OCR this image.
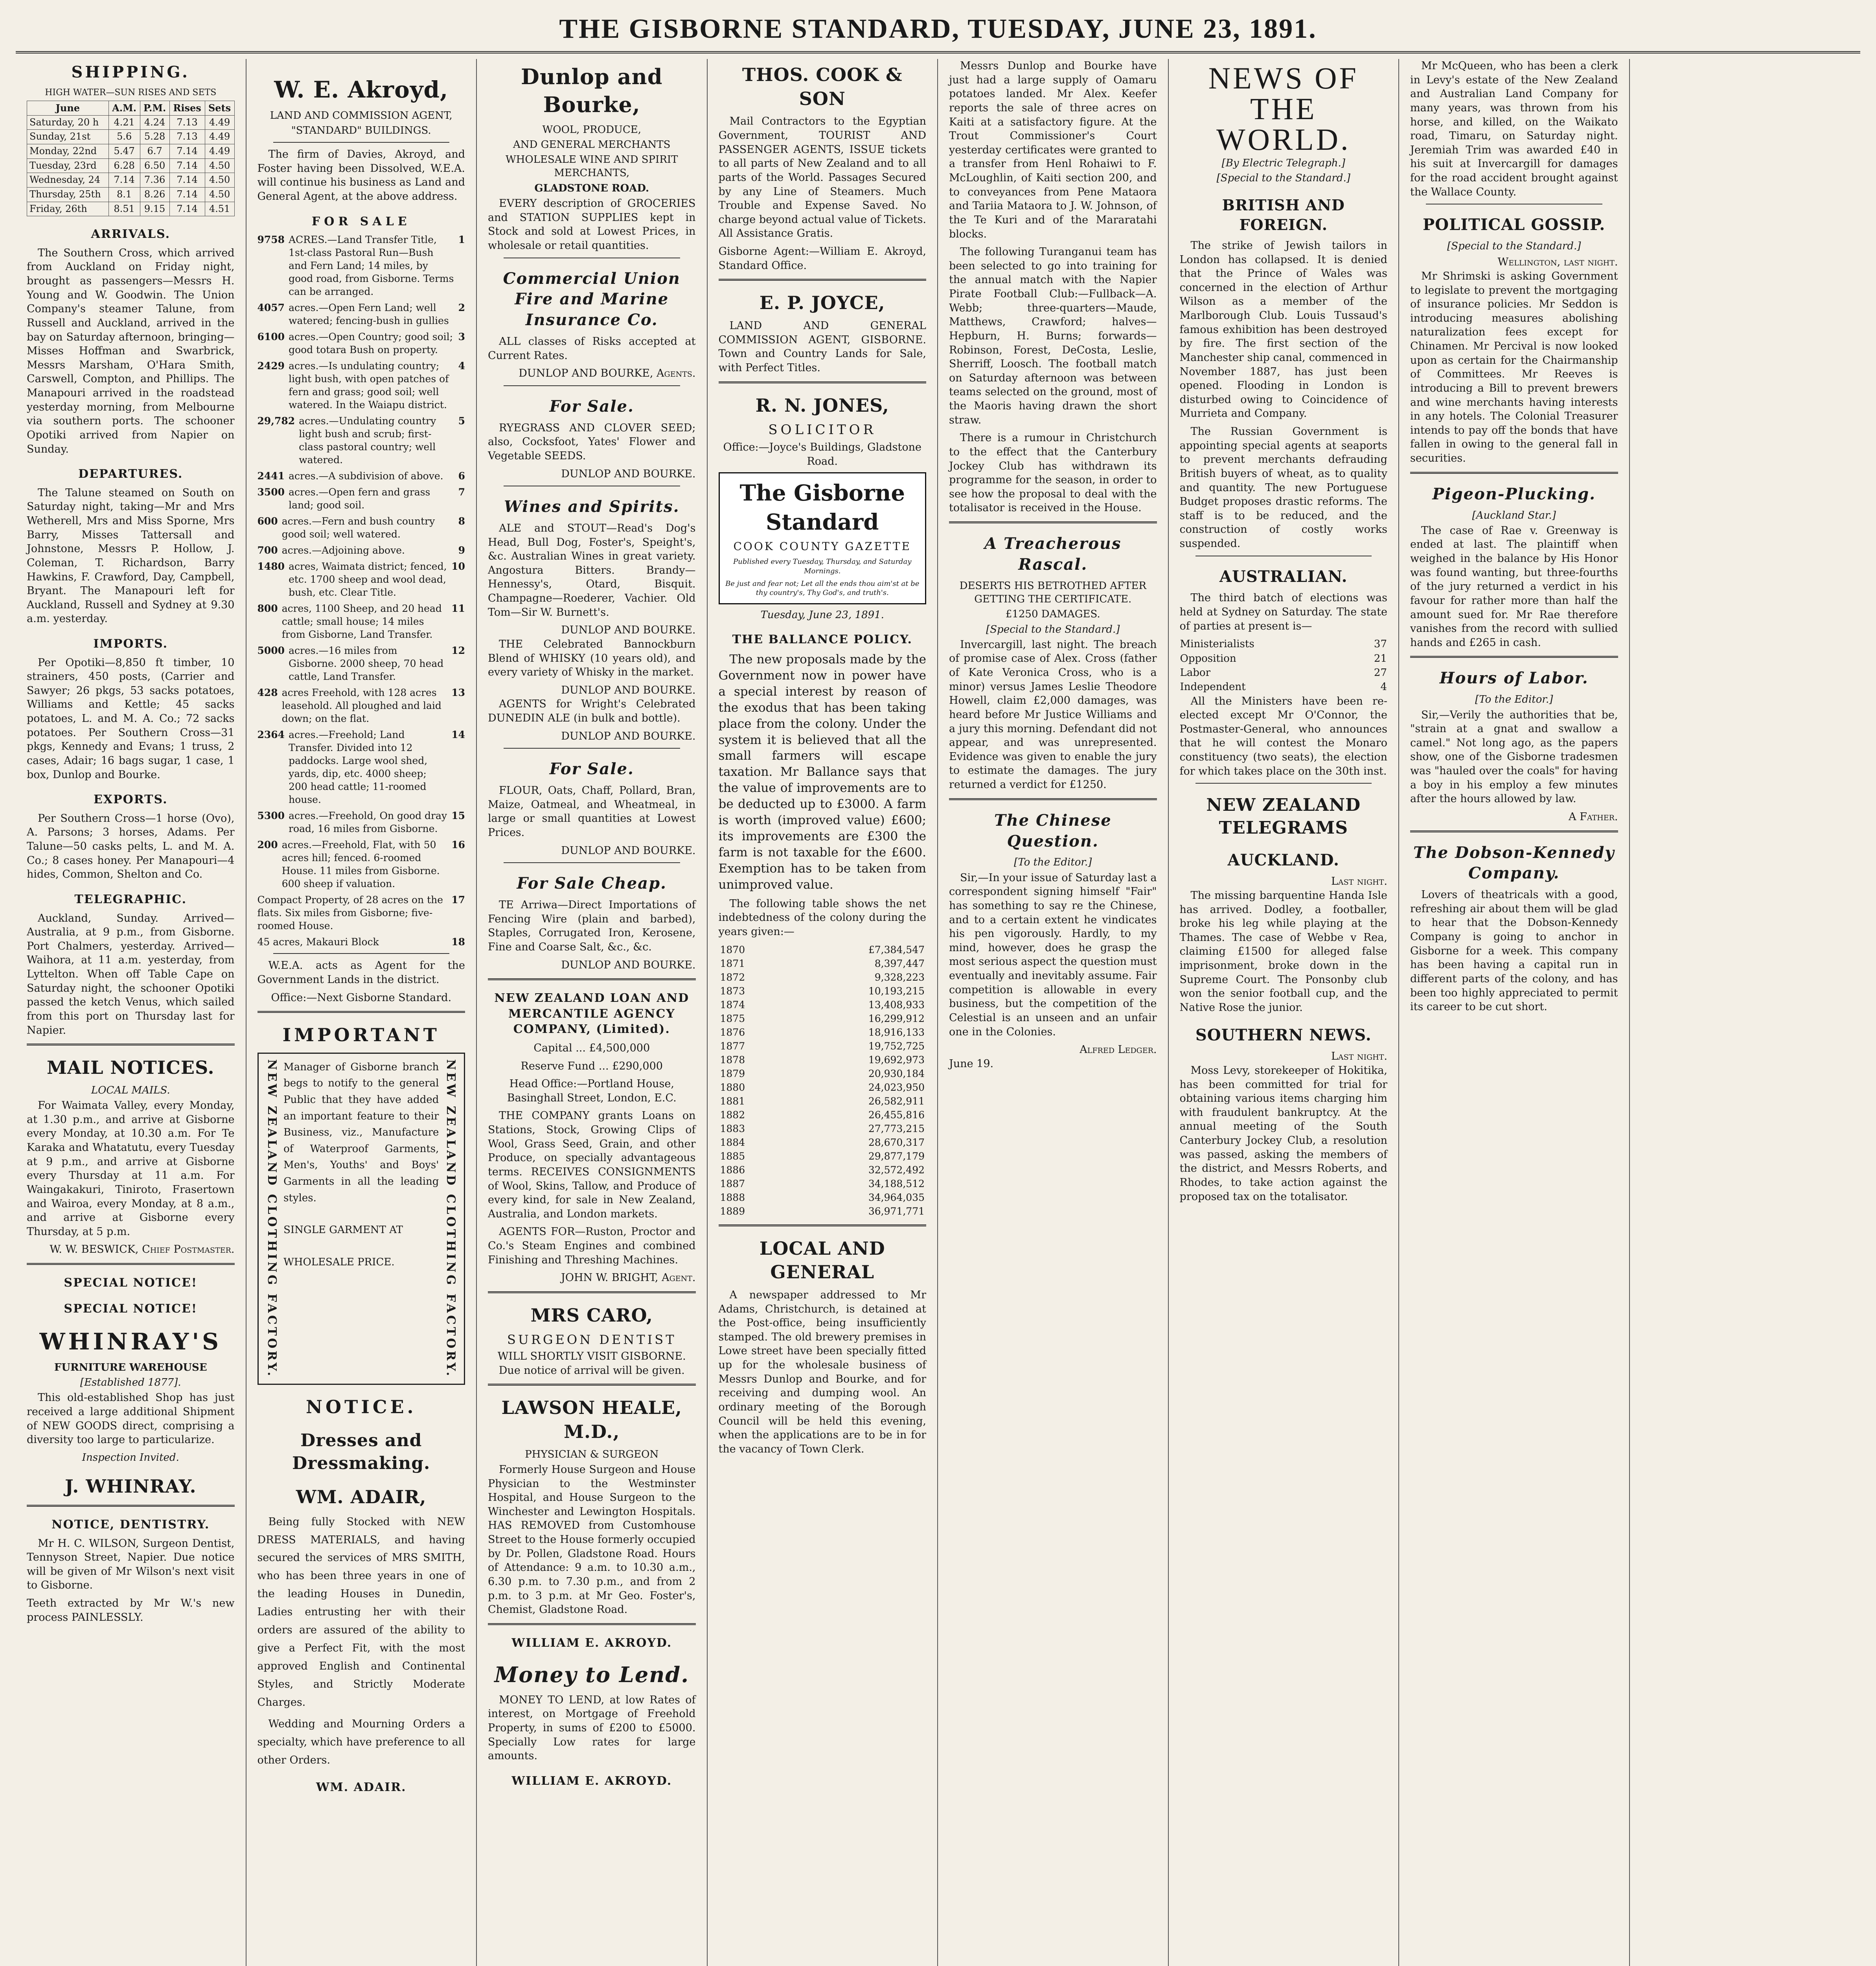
THE GISBORNE STANDARD, TUESDAY, JUNE 23, 1891.
SHIPPING.
HIGH WATER—SUN RISES AND SETS
June	A.M.	P.M.	Rises	Sets
Saturday, 20 h	4.21	4.24	7.13	4.49
Sunday, 21st	5.6	5.28	7.13	4.49
Monday, 22nd	5.47	6.7	7.14	4.49
Tuesday, 23rd	6.28	6.50	7.14	4.50
Wednesday, 24	7.14	7.36	7.14	4.50
Thursday, 25th	8.1	8.26	7.14	4.50
Friday, 26th	8.51	9.15	7.14	4.51
ARRIVALS.

The Southern Cross, which arrived from Auckland on Friday night, brought as passengers—Messrs H. Young and W. Goodwin. The Union Company's steamer Talune, from Russell and Auckland, arrived in the bay on Saturday afternoon, bringing—Misses Hoffman and Swarbrick, Messrs Marsham, O'Hara Smith, Carswell, Compton, and Phillips. The Manapouri arrived in the roadstead yesterday morning, from Melbourne via southern ports. The schooner Opotiki arrived from Napier on Sunday.

DEPARTURES.

The Talune steamed on South on Saturday night, taking—Mr and Mrs Wetherell, Mrs and Miss Sporne, Mrs Barry, Misses Tattersall and Johnstone, Messrs P. Hollow, J. Coleman, T. Richardson, Barry Hawkins, F. Crawford, Day, Campbell, Bryant. The Manapouri left for Auckland, Russell and Sydney at 9.30 a.m. yesterday.

IMPORTS.

Per Opotiki—8,850 ft timber, 10 strainers, 450 posts, (Carrier and Sawyer; 26 pkgs, 53 sacks potatoes, Williams and Kettle; 45 sacks potatoes, L. and M. A. Co.; 72 sacks potatoes. Per Southern Cross—31 pkgs, Kennedy and Evans; 1 truss, 2 cases, Adair; 16 bags sugar, 1 case, 1 box, Dunlop and Bourke.

EXPORTS.

Per Southern Cross—1 horse (Ovo), A. Parsons; 3 horses, Adams. Per Talune—50 casks pelts, L. and M. A. Co.; 8 cases honey. Per Manapouri—4 hides, Common, Shelton and Co.

TELEGRAPHIC.

Auckland, Sunday. Arrived—Australia, at 9 p.m., from Gisborne. Port Chalmers, yesterday. Arrived—Waihora, at 11 a.m. yesterday, from Lyttelton. When off Table Cape on Saturday night, the schooner Opotiki passed the ketch Venus, which sailed from this port on Thursday last for Napier.

MAIL NOTICES.
LOCAL MAILS.

For Waimata Valley, every Monday, at 1.30 p.m., and arrive at Gisborne every Monday, at 10.30 a.m. For Te Karaka and Whatatutu, every Tuesday at 9 p.m., and arrive at Gisborne every Thursday at 11 a.m. For Waingakakuri, Tiniroto, Frasertown and Wairoa, every Monday, at 8 a.m., and arrive at Gisborne every Thursday, at 5 p.m.

W. W. BESWICK, Chief Postmaster.
SPECIAL NOTICE!
SPECIAL NOTICE!
WHINRAY'S
FURNITURE WAREHOUSE
[Established 1877].

This old-established Shop has just received a large additional Shipment of NEW GOODS direct, comprising a diversity too large to particularize.

Inspection Invited.
J. WHINRAY.
NOTICE, DENTISTRY.

Mr H. C. WILSON, Surgeon Dentist, Tennyson Street, Napier. Due notice will be given of Mr Wilson's next visit to Gisborne.

Teeth extracted by Mr W.'s new process PAINLESSLY.

W. E. Akroyd,
LAND AND COMMISSION AGENT,
"STANDARD" BUILDINGS.

The firm of Davies, Akroyd, and Foster having been Dissolved, W.E.A. will continue his business as Land and General Agent, at the above address.

FOR SALE
9758 ACRES.—Land Transfer Title, 1st-class Pastoral Run—Bush and Fern Land; 14 miles, by good road, from Gisborne. Terms can be arranged.
1
4057 acres.—Open Fern Land; well watered; fencing-bush in gullies
2
6100 acres.—Open Country; good soil; good totara Bush on property.
3
2429 acres.—Is undulating country; light bush, with open patches of fern and grass; good soil; well watered. In the Waiapu district.
4
29,782 acres.—Undulating country light bush and scrub; first-class pastoral country; well watered.
5
2441 acres.—A subdivision of above. 6
3500 acres.—Open fern and grass land; good soil.
7
600 acres.—Fern and bush country good soil; well watered.
8
700 acres.—Adjoining above.	9
1480 acres, Waimata district; fenced, etc. 1700 sheep and wool dead, bush, etc. Clear Title.
10
800 acres, 1100 Sheep, and 20 head cattle; small house; 14 miles from Gisborne, Land Transfer.
11
5000 acres.—16 miles from Gisborne. 2000 sheep, 70 head cattle, Land Transfer.
12
428 acres Freehold, with 128 acres leasehold. All ploughed and laid down; on the flat.
13
2364 acres.—Freehold; Land Transfer. Divided into 12 paddocks. Large wool shed, yards, dip, etc. 4000 sheep; 200 head cattle; 11-roomed house.
14
5300 acres.—Freehold, On good dray road, 16 miles from Gisborne.
15
200 acres.—Freehold, Flat, with 50 acres hill; fenced. 6-roomed House. 11 miles from Gisborne. 600 sheep if valuation.
16
Compact Property, of 28 acres on the flats. Six miles from Gisborne; five-roomed House.
17
45 acres, Makauri Block	18

W.E.A. acts as Agent for the Government Lands in the district.

Office:—Next Gisborne Standard.

IMPORTANT
NEW ZEALAND CLOTHING FACTORY. Manager of Gisborne branch begs to notify to the general Public that they have added an important feature to their Business, viz., Manufacture of Waterproof Garments, Men's, Youths' and Boys' Garments in all the leading styles.

SINGLE GARMENT AT

WHOLESALE PRICE.	NEW ZEALAND CLOTHING FACTORY.
NOTICE.
Dresses and Dressmaking.
WM. ADAIR,

Being fully Stocked with NEW DRESS MATERIALS, and having secured the services of MRS SMITH, who has been three years in one of the leading Houses in Dunedin, Ladies entrusting her with their orders are assured of the ability to give a Perfect Fit, with the most approved English and Continental Styles, and Strictly Moderate Charges.

Wedding and Mourning Orders a specialty, which have preference to all other Orders.

WM. ADAIR.
Dunlop and Bourke,
WOOL, PRODUCE,
AND GENERAL MERCHANTS
WHOLESALE WINE AND SPIRIT MERCHANTS,
GLADSTONE ROAD.

EVERY description of GROCERIES and STATION SUPPLIES kept in Stock and sold at Lowest Prices, in wholesale or retail quantities.

Commercial Union Fire and Marine Insurance Co.

ALL classes of Risks accepted at Current Rates.

DUNLOP AND BOURKE, Agents.
For Sale.

RYEGRASS AND CLOVER SEED; also, Cocksfoot, Yates' Flower and Vegetable SEEDS.

DUNLOP AND BOURKE.
Wines and Spirits.

ALE and STOUT—Read's Dog's Head, Bull Dog, Foster's, Speight's, &c. Australian Wines in great variety. Angostura Bitters. Brandy—Hennessy's, Otard, Bisquit. Champagne—Roederer, Vachier. Old Tom—Sir W. Burnett's.

DUNLOP AND BOURKE.

THE Celebrated Bannockburn Blend of WHISKY (10 years old), and every variety of Whisky in the market.

DUNLOP AND BOURKE.

AGENTS for Wright's Celebrated DUNEDIN ALE (in bulk and bottle).

DUNLOP AND BOURKE.
For Sale.

FLOUR, Oats, Chaff, Pollard, Bran, Maize, Oatmeal, and Wheatmeal, in large or small quantities at Lowest Prices.

DUNLOP AND BOURKE.
For Sale Cheap.

TE Arriwa—Direct Importations of Fencing Wire (plain and barbed), Staples, Corrugated Iron, Kerosene, Fine and Coarse Salt, &c., &c.

DUNLOP AND BOURKE.
NEW ZEALAND LOAN AND MERCANTILE AGENCY COMPANY, (Limited).

Capital ... £4,500,000

Reserve Fund ... £290,000

Head Office:—Portland House, Basinghall Street, London, E.C.

THE COMPANY grants Loans on Stations, Stock, Growing Clips of Wool, Grass Seed, Grain, and other Produce, on specially advantageous terms. RECEIVES CONSIGNMENTS of Wool, Skins, Tallow, and Produce of every kind, for sale in New Zealand, Australia, and London markets.

AGENTS FOR—Ruston, Proctor and Co.'s Steam Engines and combined Finishing and Threshing Machines.

JOHN W. BRIGHT, Agent.
MRS CARO,
SURGEON DENTIST

WILL SHORTLY VISIT GISBORNE. Due notice of arrival will be given.

LAWSON HEALE, M.D.,
PHYSICIAN & SURGEON

Formerly House Surgeon and House Physician to the Westminster Hospital, and House Surgeon to the Winchester and Lewington Hospitals. HAS REMOVED from Customhouse Street to the House formerly occupied by Dr. Pollen, Gladstone Road. Hours of Attendance: 9 a.m. to 10.30 a.m., 6.30 p.m. to 7.30 p.m., and from 2 p.m. to 3 p.m. at Mr Geo. Foster's, Chemist, Gladstone Road.

WILLIAM E. AKROYD.
Money to Lend.

MONEY TO LEND, at low Rates of interest, on Mortgage of Freehold Property, in sums of £200 to £5000. Specially Low rates for large amounts.

WILLIAM E. AKROYD.
THOS. COOK & SON

Mail Contractors to the Egyptian Government, TOURIST AND PASSENGER AGENTS, ISSUE tickets to all parts of New Zealand and to all parts of the World. Passages Secured by any Line of Steamers. Much Trouble and Expense Saved. No charge beyond actual value of Tickets. All Assistance Gratis.

Gisborne Agent:—William E. Akroyd, Standard Office.

E. P. JOYCE,

LAND AND GENERAL COMMISSION AGENT, GISBORNE. Town and Country Lands for Sale, with Perfect Titles.

R. N. JONES,
SOLICITOR

Office:—Joyce's Buildings, Gladstone Road.

The Gisborne Standard
COOK COUNTY GAZETTE
Published every Tuesday, Thursday, and Saturday Mornings.
Be just and fear not; Let all the ends thou aim'st at be thy country's, Thy God's, and truth's.
Tuesday, June 23, 1891.
THE BALLANCE POLICY.

The new proposals made by the Government now in power have a special interest by reason of the exodus that has been taking place from the colony. Under the system it is believed that all the small farmers will escape taxation. Mr Ballance says that the value of improvements are to be deducted up to £3000. A farm is worth (improved value) £600; its improvements are £300 the farm is not taxable for the £600. Exemption has to be taken from unimproved value.

The following table shows the net indebtedness of the colony during the years given:—

1870	£7,384,547
1871	8,397,447
1872	9,328,223
1873	10,193,215
1874	13,408,933
1875	16,299,912
1876	18,916,133
1877	19,752,725
1878	19,692,973
1879	20,930,184
1880	24,023,950
1881	26,582,911
1882	26,455,816
1883	27,773,215
1884	28,670,317
1885	29,877,179
1886	32,572,492
1887	34,188,512
1888	34,964,035
1889	36,971,771
LOCAL AND GENERAL

A newspaper addressed to Mr Adams, Christchurch, is detained at the Post-office, being insufficiently stamped. The old brewery premises in Lowe street have been specially fitted up for the wholesale business of Messrs Dunlop and Bourke, and for receiving and dumping wool. An ordinary meeting of the Borough Council will be held this evening, when the applications are to be in for the vacancy of Town Clerk.

Messrs Dunlop and Bourke have just had a large supply of Oamaru potatoes landed. Mr Alex. Keefer reports the sale of three acres on Kaiti at a satisfactory figure. At the Trout Commissioner's Court yesterday certificates were granted to a transfer from Henl Rohaiwi to F. McLoughlin, of Kaiti section 200, and to conveyances from Pene Mataora and Tariia Mataora to J. W. Johnson, of the Te Kuri and of the Mararatahi blocks.

The following Turanganui team has been selected to go into training for the annual match with the Napier Pirate Football Club:—Fullback—A. Webb; three-quarters—Maude, Matthews, Crawford; halves—Hepburn, H. Burns; forwards—Robinson, Forest, DeCosta, Leslie, Sherriff, Loosch. The football match on Saturday afternoon was between teams selected on the ground, most of the Maoris having drawn the short straw.

There is a rumour in Christchurch to the effect that the Canterbury Jockey Club has withdrawn its programme for the season, in order to see how the proposal to deal with the totalisator is received in the House.

A Treacherous Rascal.
DESERTS HIS BETROTHED AFTER GETTING THE CERTIFICATE.
£1250 DAMAGES.
[Special to the Standard.]

Invercargill, last night. The breach of promise case of Alex. Cross (father of Kate Veronica Cross, who is a minor) versus James Leslie Theodore Howell, claim £2,000 damages, was heard before Mr Justice Williams and a jury this morning. Defendant did not appear, and was unrepresented. Evidence was given to enable the jury to estimate the damages. The jury returned a verdict for £1250.

The Chinese Question.
[To the Editor.]

Sir,—In your issue of Saturday last a correspondent signing himself "Fair" has something to say re the Chinese, and to a certain extent he vindicates his pen vigorously. Hardly, to my mind, however, does he grasp the most serious aspect the question must eventually and inevitably assume. Fair competition is allowable in every business, but the competition of the Celestial is an unseen and an unfair one in the Colonies.

Alfred Ledger.

June 19.

NEWS OF THE WORLD.
[By Electric Telegraph.]
[Special to the Standard.]
BRITISH AND FOREIGN.

The strike of Jewish tailors in London has collapsed. It is denied that the Prince of Wales was concerned in the election of Arthur Wilson as a member of the Marlborough Club. Louis Tussaud's famous exhibition has been destroyed by fire. The first section of the Manchester ship canal, commenced in November 1887, has just been opened. Flooding in London is disturbed owing to Coincidence of Murrieta and Company.

The Russian Government is appointing special agents at seaports to prevent merchants defrauding British buyers of wheat, as to quality and quantity. The new Portuguese Budget proposes drastic reforms. The staff is to be reduced, and the construction of costly works suspended.

AUSTRALIAN.

The third batch of elections was held at Sydney on Saturday. The state of parties at present is—

Ministerialists	37
Opposition	21
Labor	27
Independent	4

All the Ministers have been re-elected except Mr O'Connor, the Postmaster-General, who announces that he will contest the Monaro constituency (two seats), the election for which takes place on the 30th inst.

NEW ZEALAND TELEGRAMS
AUCKLAND.
Last night.

The missing barquentine Handa Isle has arrived. Dodley, a footballer, broke his leg while playing at the Thames. The case of Webbe v Rea, claiming £1500 for alleged false imprisonment, broke down in the Supreme Court. The Ponsonby club won the senior football cup, and the Native Rose the junior.

SOUTHERN NEWS.
Last night.

Moss Levy, storekeeper of Hokitika, has been committed for trial for obtaining various items charging him with fraudulent bankruptcy. At the annual meeting of the South Canterbury Jockey Club, a resolution was passed, asking the members of the district, and Messrs Roberts, and Rhodes, to take action against the proposed tax on the totalisator.

Mr McQueen, who has been a clerk in Levy's estate of the New Zealand and Australian Land Company for many years, was thrown from his horse, and killed, on the Waikato road, Timaru, on Saturday night. Jeremiah Trim was awarded £40 in his suit at Invercargill for damages for the road accident brought against the Wallace County.

POLITICAL GOSSIP.
[Special to the Standard.]
Wellington, last night.

Mr Shrimski is asking Government to legislate to prevent the mortgaging of insurance policies. Mr Seddon is introducing measures abolishing naturalization fees except for Chinamen. Mr Percival is now looked upon as certain for the Chairmanship of Committees. Mr Reeves is introducing a Bill to prevent brewers and wine merchants having interests in any hotels. The Colonial Treasurer intends to pay off the bonds that have fallen in owing to the general fall in securities.

Pigeon-Plucking.
[Auckland Star.]

The case of Rae v. Greenway is ended at last. The plaintiff when weighed in the balance by His Honor was found wanting, but three-fourths of the jury returned a verdict in his favour for rather more than half the amount sued for. Mr Rae therefore vanishes from the record with sullied hands and £265 in cash.

Hours of Labor.
[To the Editor.]

Sir,—Verily the authorities that be, "strain at a gnat and swallow a camel." Not long ago, as the papers show, one of the Gisborne tradesmen was "hauled over the coals" for having a boy in his employ a few minutes after the hours allowed by law.

A Father.
The Dobson-Kennedy Company.

Lovers of theatricals with a good, refreshing air about them will be glad to hear that the Dobson-Kennedy Company is going to anchor in Gisborne for a week. This company has been having a capital run in different parts of the colony, and has been too highly appreciated to permit its career to be cut short.
